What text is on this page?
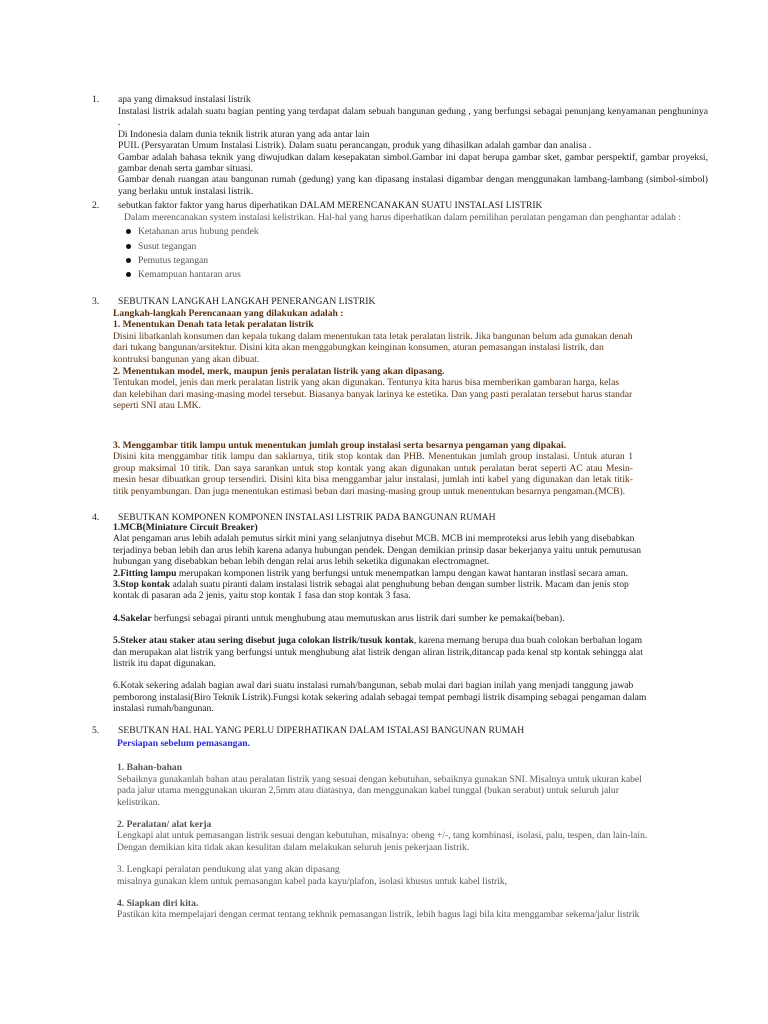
1.	apa yang dimaksud instalasi listrik

Instalasi listrik adalah suatu bagian penting yang terdapat dalam sebuah bangunan gedung , yang berfungsi sebagai penunjang kenyamanan penghuninya .

Di Indonesia dalam dunia teknik listrik aturan yang ada antar lain

PUIL (Persyaratan Umum Instalasi Listrik). Dalam suatu perancangan, produk yang dihasilkan adalah gambar dan analisa .

Gambar adalah bahasa teknik yang diwujudkan dalam kesepakatan simbol.Gambar ini dapat berupa gambar sket, gambar perspektif, gambar proyeksi, gambar denah serta gambar situasi.

Gambar denah ruangan atau bangunan rumah (gedung) yang kan dipasang instalasi digambar dengan menggunakan lambang-lambang (simbol-simbol) yang berlaku untuk instalasi listrik.

2.	sebutkan faktor faktor yang harus diperhatikan DALAM MERENCANAKAN SUATU INSTALASI LISTRIK

Dalam merencanakan system instalasi kelistrikan. Hal-hal yang harus diperhatikan dalam pemilihan peralatan pengaman dan penghantar adalah :

Ketahanan arus hubung pendek
Susut tegangan
Pemutus tegangan
Kemampuan hantaran arus
3.	SEBUTKAN LANGKAH LANGKAH PENERANGAN LISTRIK

Langkah-langkah Perencanaan yang dilakukan adalah :

1. Menentukan Denah tata letak peralatan listrik

Disini libatkanlah konsumen dan kepala tukang dalam menentukan tata letak peralatan listrik. Jika bangunan belum ada gunakan denah dari tukang bangunan/arsitektur. Disini kita akan menggabungkan keinginan konsumen, aturan pemasangan instalasi listrik, dan kontruksi bangunan yang akan dibuat.

2. Menentukan model, merk, maupun jenis peralatan listrik yang akan dipasang.

Tentukan model, jenis dan merk peralatan listrik yang akan digunakan. Tentunya kita harus bisa memberikan gambaran harga, kelas dan kelebihan dari masing-masing model tersebut. Biasanya banyak larinya ke estetika. Dan yang pasti peralatan tersebut harus standar seperti SNI atau LMK.

3. Menggambar titik lampu untuk menentukan jumlah group instalasi serta besarnya pengaman yang dipakai.

Disini kita menggambar titik lampu dan saklarnya, titik stop kontak dan PHB. Menentukan jumlah group instalasi. Untuk aturan 1 group maksimal 10 titik. Dan saya sarankan untuk stop kontak yang akan digunakan untuk peralatan berat seperti AC atau Mesin-mesin besar dibuatkan group tersendiri. Disini kita bisa menggambar jalur instalasi, jumlah inti kabel yang digunakan dan letak titik-titik penyambungan. Dan juga menentukan estimasi beban dari masing-masing group untuk menentukan besarnya pengaman.(MCB).

4.	SEBUTKAN KOMPONEN KOMPONEN INSTALASI LISTRIK PADA BANGUNAN RUMAH

1.MCB(Miniature Circuit Breaker)

Alat pengaman arus lebih adalah pemutus sirkit mini yang selanjutnya disebut MCB. MCB ini memproteksi arus lebih yang disebabkan terjadinya beban lebih dan arus lebih karena adanya hubungan pendek. Dengan demikian prinsip dasar bekerjanya yaitu untuk pemutusan hubungan yang disebabkan beban lebih dengan relai arus lebih seketika digunakan electromagnet.

2.Fitting lampu merupakan komponen listrik yang berfungsi untuk menempatkan lampu dengan kawat hantaran instlasi secara aman.

3.Stop kontak adalah suatu piranti dalam instalasi listrik sebagai alat penghubung beban dengan sumber listrik. Macam dan jenis stop kontak di pasaran ada 2 jenis, yaitu stop kontak 1 fasa dan stop kontak 3 fasa.

4.Sakelar berfungsi sebagai piranti untuk menghubung atau memutuskan arus listrik dari sumber ke pemakai(beban).

5.Steker atau staker atau sering disebut juga colokan listrik/tusuk kontak, karena memang berupa dua buah colokan berbahan logam dan merupakan alat listrik yang berfungsi untuk menghubung alat listrik dengan aliran listrik,ditancap pada kenal stp kontak sehingga alat listrik itu dapat digunakan.

6.Kotak sekering adalah bagian awal dari suatu instalasi rumah/bangunan, sebab mulai dari bagian inilah yang menjadi tanggung jawab pemborong instalasi(Biro Teknik Listrik).Fungsi kotak sekering adalah sebagai tempat pembagi listrik disamping sebagai pengaman dalam instalasi rumah/bangunan.

5.	SEBUTKAN HAL HAL YANG PERLU DIPERHATIKAN DALAM ISTALASI BANGUNAN RUMAH

Persiapan sebelum pemasangan.

1. Bahan-bahan

Sebaiknya gunakanlah bahan atau peralatan listrik yang sesuai dengan kebutuhan, sebaiknya gunakan SNI. Misalnya untuk ukuran kabel pada jalur utama menggunakan ukuran 2,5mm atau diatasnya, dan menggunakan kabel tunggal (bukan serabut) untuk seluruh jalur kelistrikan.

2. Peralatan/ alat kerja

Lengkapi alat untuk pemasangan listrik sesuai dengan kebutuhan, misalnya: obeng +/-, tang kombinasi, isolasi, palu, tespen, dan lain-lain. Dengan demikian kita tidak akan kesulitan dalam melakukan seluruh jenis pekerjaan listrik.

3. Lengkapi peralatan pendukung alat yang akan dipasang

misalnya gunakan klem untuk pemasangan kabel pada kayu/plafon, isolasi khusus untuk kabel listrik,

4. Siapkan diri kita.

Pastikan kita mempelajari dengan cermat tentang tekhnik pemasangan listrik, lebih bagus lagi bila kita menggambar sekema/jalur listrik
